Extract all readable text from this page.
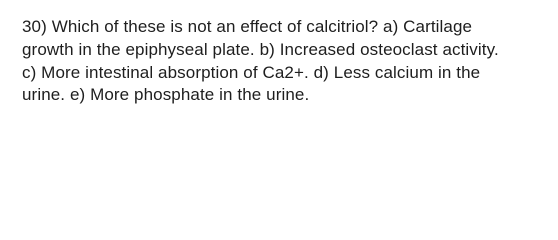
30) Which of these is not an effect of calcitriol? a) Cartilage
growth in the epiphyseal plate. b) Increased osteoclast activity.
c) More intestinal absorption of Ca2+. d) Less calcium in the
urine. e) More phosphate in the urine.
